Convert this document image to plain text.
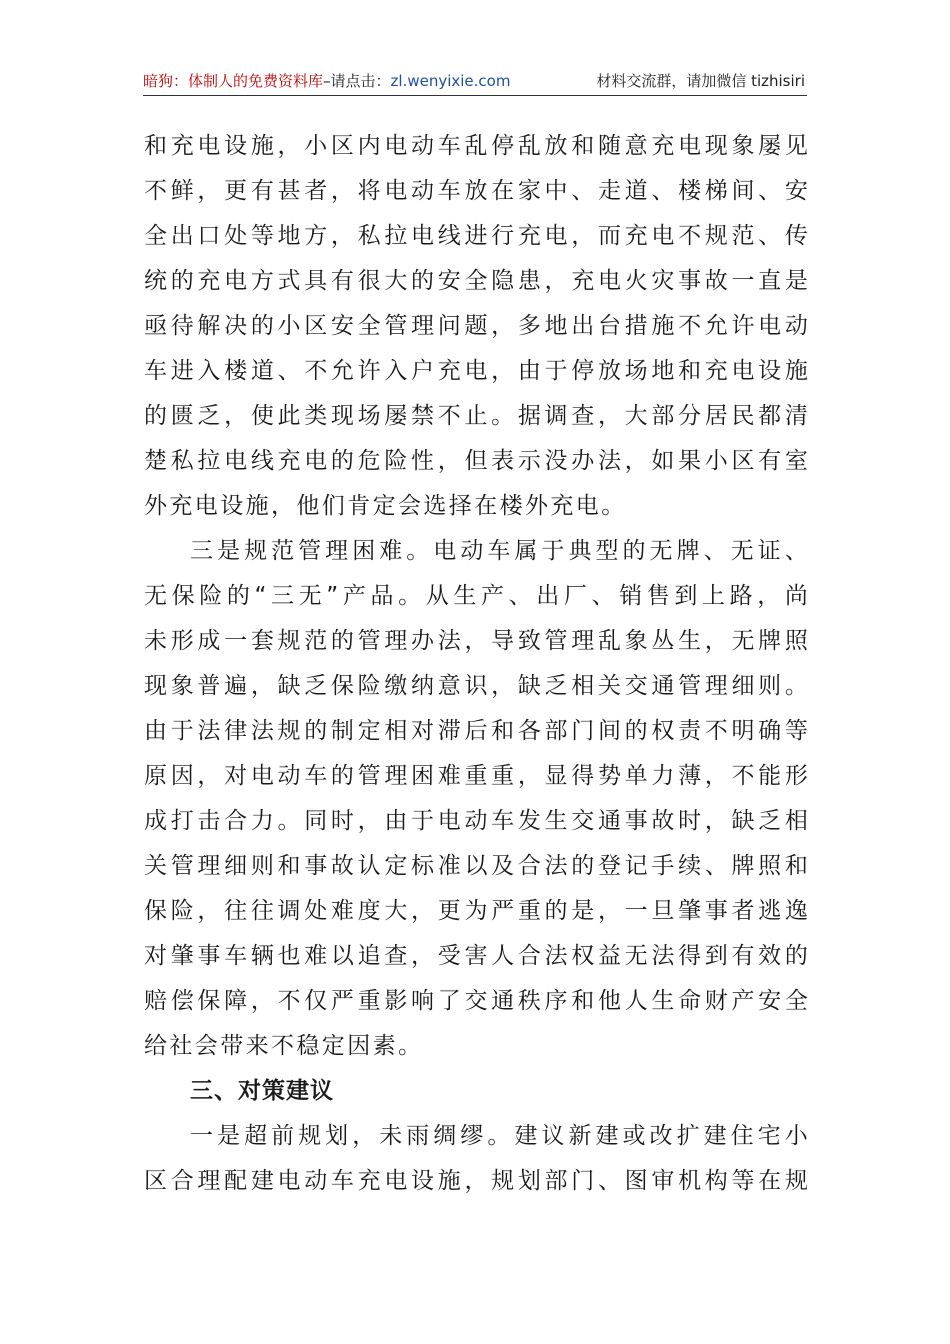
暗狗：体制人的免费资料库–请点击：zl.wenyixie.com	材料交流群，请加微信 tizhisiri
和 充 电 设 施 ， 小 区 内 电 动 车 乱 停 乱 放 和 随 意 充 电 现 象 屡 见
不 鲜 ， 更 有 甚 者 ， 将 电 动 车 放 在 家 中 、 走 道 、 楼 梯 间 、 安
全 出 口 处 等 地 方 ， 私 拉 电 线 进 行 充 电 ， 而 充 电 不 规 范 、 传
统 的 充 电 方 式 具 有 很 大 的 安 全 隐 患 ， 充 电 火 灾 事 故 一 直 是
亟 待 解 决 的 小 区 安 全 管 理 问 题 ， 多 地 出 台 措 施 不 允 许 电 动
车 进 入 楼 道 、 不 允 许 入 户 充 电 ， 由 于 停 放 场 地 和 充 电 设 施
的 匮 乏 ， 使 此 类 现 场 屡 禁 不 止 。 据 调 查 ， 大 部 分 居 民 都 清
楚 私 拉 电 线 充 电 的 危 险 性 ， 但 表 示 没 办 法 ， 如 果 小 区 有 室
外充电设施，他们肯定会选择在楼外充电。
三 是 规 范 管 理 困 难 。 电 动 车 属 于 典 型 的 无 牌 、 无 证 、
无 保 险 的 “ 三 无 ” 产 品 。 从 生 产 、 出 厂 、 销 售 到 上 路 ， 尚
未 形 成 一 套 规 范 的 管 理 办 法 ， 导 致 管 理 乱 象 丛 生 ， 无 牌 照
现 象 普 遍 ， 缺 乏 保 险 缴 纳 意 识 ， 缺 乏 相 关 交 通 管 理 细 则 。
由 于 法 律 法 规 的 制 定 相 对 滞 后 和 各 部 门 间 的 权 责 不 明 确 等
原 因 ， 对 电 动 车 的 管 理 困 难 重 重 ， 显 得 势 单 力 薄 ， 不 能 形
成 打 击 合 力 。 同 时 ， 由 于 电 动 车 发 生 交 通 事 故 时 ， 缺 乏 相
关 管 理 细 则 和 事 故 认 定 标 准 以 及 合 法 的 登 记 手 续 、 牌 照 和
保 险 ， 往 往 调 处 难 度 大 ， 更 为 严 重 的 是 ， 一 旦 肇 事 者 逃 逸
对 肇 事 车 辆 也 难 以 追 查 ， 受 害 人 合 法 权 益 无 法 得 到 有 效 的
赔 偿 保 障 ， 不 仅 严 重 影 响 了 交 通 秩 序 和 他 人 生 命 财 产 安 全
给社会带来不稳定因素。
三、对策建议
一 是 超 前 规 划 ， 未 雨 绸 缪 。 建 议 新 建 或 改 扩 建 住 宅 小
区 合 理 配 建 电 动 车 充 电 设 施 ， 规 划 部 门 、 图 审 机 构 等 在 规
